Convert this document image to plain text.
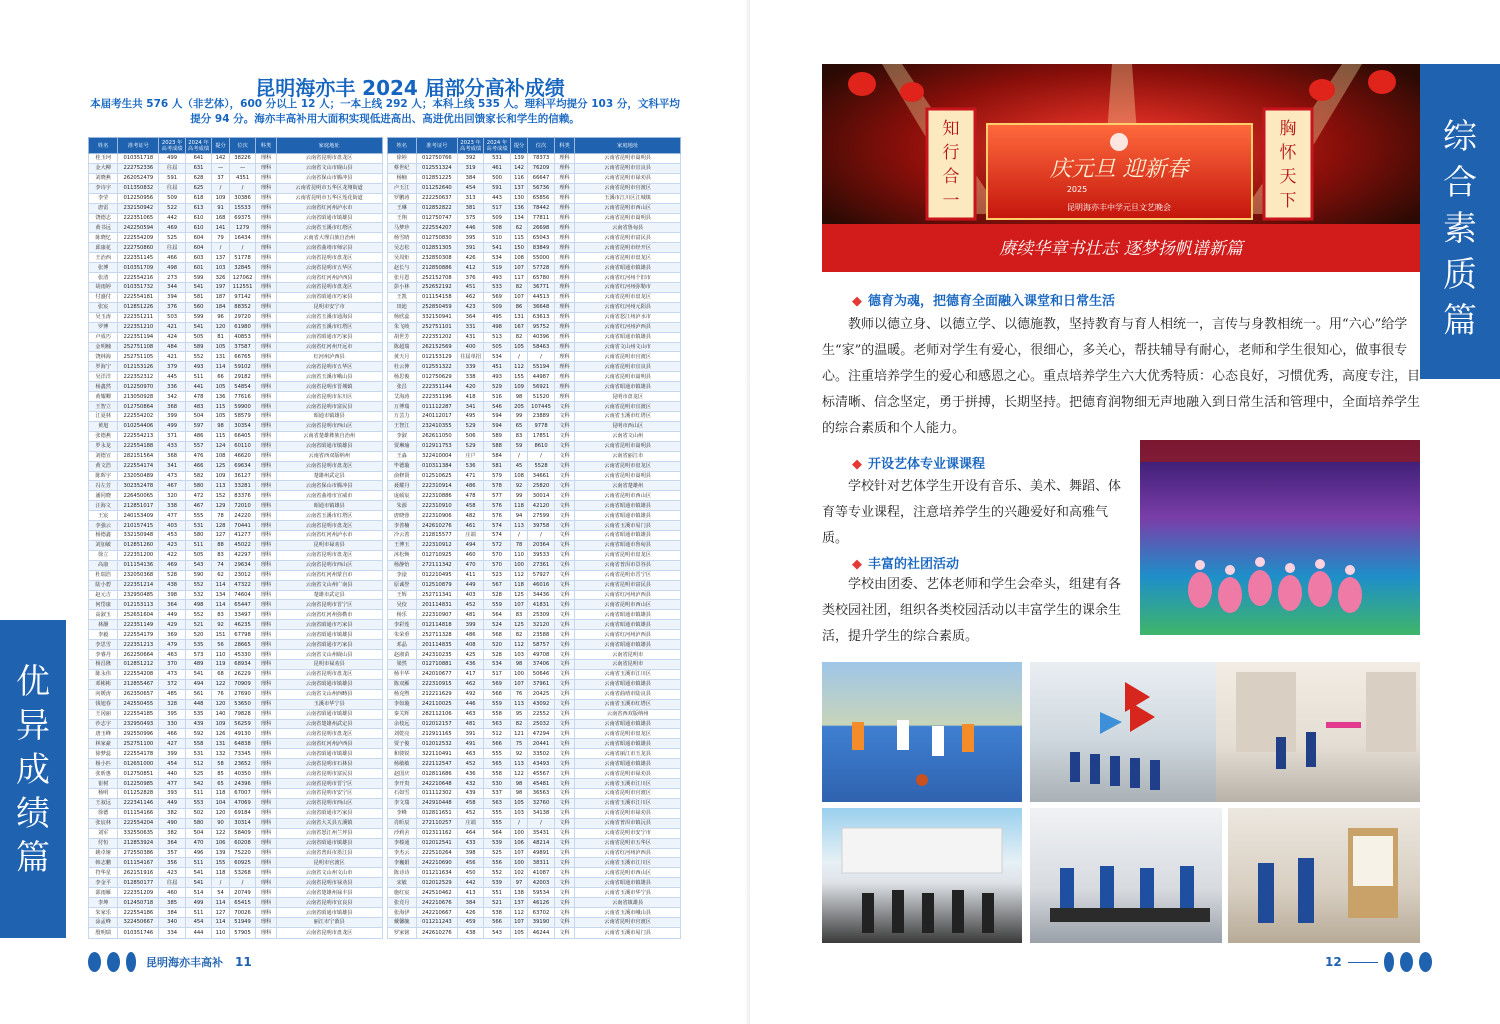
昆明海亦丰 2024 届部分高补成绩
本届考生共 576 人（非艺体），600 分以上 12 人；一本上线 292 人；本科上线 535 人。理科平均提分 103 分，文科平均提分 94 分。海亦丰高补用大面积实现低进高出、高进优出回馈家长和学生的信赖。
姓名	准考证号	2023 年高考成绩	2024 年高考成绩	提分	位次	科类	家庭地址
桂玉珂	010351718	499	641	142	38226	理科	云南省昆明市盘龙区
金大柳	222752336	往届	631	—	—	理科	云南省文山市砚山县
刘晓燕	262052479	591	628	37	4351	理科	云南省保山市腾冲县
李诗宇	011350832	往届	625	/	/	理科	云南省昆明市五华区龙翔街道
李莹	012250956	509	618	109	30386	理科	云南省昆明市五华区莲花街道
唐雷	232150942	522	613	91	15533	理科	云南省红河州泸水市
饶德志	222351065	442	610	168	69375	理科	云南省昭通市镇雄县
黄书远	242250594	469	610	141	1279	理科	云南省玉溪市红塔区
陈晓忆	222554209	525	604	79	16434	理科	云南省大理白族自治州
邱康花	222750860	往届	604	/	/	理科	云南省曲靖市师宗县
王治西	222351145	466	603	137	51778	理科	云南省昆明市盘龙区
张博	010351709	498	601	103	32845	理科	云南省昆明市五华区
张清	222554216	273	599	326	127062	理科	云南省红河州泸西县
胡雨婷	010351732	344	541	197	112551	理科	云南省昆明市盘龙区
付盛付	222554181	394	581	187	97142	理科	云南省昭通市巧家县
张宸	012851226	376	560	184	88352	理科	昆明市安宁市
吴玉涛	222351211	503	599	96	29720	理科	云南省玉溪市通海县
罗博	222351210	421	541	120	61980	理科	云南省玉溪市红塔区
卢成巧	222351194	424	505	81	40853	理科	云南省昭通市巧家县
金明楠	252751108	484	589	105	37587	理科	云南省红河州开远市
饶林海	252751105	421	552	131	66765	理科	红河州泸西县
罗海宁	012153126	379	493	114	59102	理科	云南省昆明市五华区
吴洋洋	222352312	445	511	66	29182	理科	云南省玉溪市峨山县
杨鑫然	012250970	336	441	105	54854	理科	云南省昆明市晋城镇
黄耀卿	213050928	342	478	136	77616	理科	云南省昆明市东川区
王智立	012750864	368	483	115	59900	理科	云南省昆明市富民县
江夏林	222554202	399	504	105	58579	理科	昭通市镇雄县
黄旭	010254406	499	597	98	30354	理科	云南省昆明市西山区
张德燕	222554213	371	486	115	66405	理科	云南省楚雄彝族自治州
罗永龙	222554188	433	557	124	60110	理科	云南省昭通市镇雄县
刘德宣	282151564	368	476	108	46620	理科	云南省西双版纳州
黄文浩	222554174	341	466	125	69634	理科	云南省昆明市盘龙区
陈晖宇	232050489	473	582	109	36127	理科	楚雄州武定县
冯左芳	302352478	467	580	113	33281	理科	云南省保山市腾冲县
潘同晓	226450065	320	472	152	83376	理科	云南省曲靖市宣威市
汪海文	212851017	338	467	129	72010	理科	昭通市镇雄县
王宸	240153409	477	555	78	24220	理科	云南省玉溪市红塔区
李强云	210157415	403	531	128	70441	理科	云南省昆明市盘龙区
杨德鑫	332150948	453	580	127	41277	理科	云南省红河州泸水市
刘加敏	012851260	423	511	88	45022	理科	昆明市禄劝县
徐立	222351200	422	505	83	42297	理科	云南省昆明市盘龙区
高康	011154136	469	543	74	29634	理科	云南省昆明市西山区
杜瑞浩	232050368	528	590	62	23012	理科	云南省红河州蒙自市
陆小碧	222351214	438	552	114	47322	理科	云南省文山州广南县
赵元吉	232950485	398	532	134	74604	理科	楚雄市武定县
何岱康	012153113	364	498	114	65447	理科	云南省昆明市晋宁区
高淑玉	252651604	449	552	83	33497	理科	云南省红河州弥勒市
林灏	222351149	429	521	92	46235	理科	云南省昭通市巧家县
李毅	222554179	369	520	151	67798	理科	云南省昭通市镇雄县
李思雪	222351213	479	535	56	28665	理科	云南省昭通市巧家县
李睿丹	262250664	463	573	110	45330	理科	云南省文山州砚山县
杨昌隆	012851212	370	489	119	68934	理科	昆明市禄劝县
陈永伟	222554208	473	541	68	26229	理科	云南省昆明市盘龙区
邓彬彬	212855467	372	494	122	70909	理科	云南省昭通市镇雄县
向媛涛	262350657	485	561	76	27690	理科	云南省文山州西畴县
钱旭春	242550455	328	448	120	53650	理科	玉溪市华宁县
王冈丽	222554185	395	535	140	79828	理科	云南省昭通市镇雄县
沙志宇	232950493	330	439	109	56259	理科	云南省楚雄州武定县
唐玉峰	292550996	466	592	126	49130	理科	云南省昆明市盘龙区
林家豪	252751100	427	558	131	64838	理科	云南省红河州泸西县
徐梦蕊	222554178	399	531	132	73345	理科	云南省昭通市镇雄县
杨小匹	012651000	454	512	58	23652	理科	云南省昆明市石林县
张昕惠	012750851	440	525	85	40350	理科	云南省昆明市富民县
崔树	012250985	477	542	65	24396	理科	云南省昆明市晋宁区
杨明	011252828	393	511	118	67007	理科	云南省昆明市安宁区
王叙远	222341146	449	553	104	47069	理科	云南省昆明市西山区
徐德	011154166	382	502	120	69184	理科	云南省昭通市巧家县
张宸林	222554204	490	580	90	30314	理科	云南省大关县五溪镇
刘军	332550635	382	504	122	58409	理科	云南省怒江州兰坪县
付恒	212853924	364	470	106	60208	理科	云南省昭通市镇雄县
姚卓娅	272550386	357	496	139	75220	理科	云南省普洱市墨江县
韩志鹏	011154167	356	511	155	60925	理科	昆明市官渡区
符华星	262151916	423	541	118	53268	理科	云南省文山州文山市
李金平	012850177	往届	541	/	/	理科	云南省昆明市禄劝县
邵雨雁	222351209	460	514	54	20749	理科	云南省楚雄州禄丰县
李坤	012450718	385	499	114	65415	理科	云南省昆明市宜良县
朱家乐	222554186	384	511	127	70026	理科	云南省昭通市镇雄县
涂孟峰	322450667	340	454	114	51949	理科	丽江市宁蒗县
殷明瑞	010351746	334	444	110	57905	理科	云南省昆明市盘龙区
姓名	准考证号	2023 年高考成绩	2024 年高考成绩	提分	位次	科类	家庭地址
徐婷	012750766	392	531	139	78373	理科	云南省昆明市嵩明县
蔡世纪	012551324	319	461	142	76209	理科	云南省昆明市宜良县
杨楠	012851225	384	500	116	66647	理科	云南省昆明市禄劝县
卢玉江	011252640	454	591	137	56736	理科	云南省昆明市官渡区
罗鹏涛	222250637	313	443	130	65856	理科	玉溪市江川区江城镇
王琳	012852822	381	517	136	78442	理科	云南省昆明市西山区
王翔	012750747	375	509	134	77811	理科	云南省昆明市嵩明县
马梦珍	222554207	446	508	62	26698	理科	云南省鲁甸县
杨雪晴	012750830	395	510	115	65043	理科	云南省昆明市富民县
吴志松	012851305	391	541	150	83849	理科	云南省昆明市经开区
吴周炬	232850308	426	534	108	55000	理科	云南省昆明市盘龙区
赵长与	212850886	412	519	107	57728	理科	云南省昭通市镇雄县
张月恩	252152708	376	493	117	65780	理科	云南省红河州个旧市
彭小林	252652192	451	533	82	36771	理科	云南省红河州弥勒市
王凯	011154158	462	569	107	44513	理科	云南省昆明市盘龙区
田迪	252850459	423	509	86	36648	理科	云南省红河州元阳县
杨欣蕊	332150941	364	495	131	63613	理科	云南省怒江州泸水市
朱飞岐	252751101	331	498	167	95752	理科	云南省红河州泸西县
胡世芳	222351202	431	513	82	40396	理科	云南省昭通市镇雄县
陈超瑞	262152569	400	505	105	58463	理科	云南省文山州文山市
黄天月	012153129	往届单招	534	/	/	理科	云南省昆明市官渡区
杜云伸	012551322	339	451	112	55194	理科	云南省昆明市宜良县
杨思俊	012750629	338	493	155	44987	理科	云南省昆明市嵩明县
张昌	222351144	420	529	109	56921	理科	云南省昭通市镇雄县
艾海涛	222351196	418	516	98	51520	理科	昆明市盘龙区
万博瑞	011112287	341	546	205	107445	文科	云南省昆明市宜渡区
万芸力	240112017	495	594	99	23889	文科	云南省玉溪市红塔区
王智江	232410355	529	594	65	9778	文科	昆明市西山区
李淑	262611050	506	589	83	17851	文科	云南省文山州
贾琳瑜	012911753	529	588	59	8610	文科	云南省昆明市嵩明县
王淼	322410004	庄户	584	/	/	文科	云南省丽江市
毕德璇	010311384	536	581	45	5528	文科	云南省昆明市盘龙区
俞修贤	012510625	471	579	108	34661	文科	云南省昆明市嵩明县
聂耀丹	222310914	486	578	92	25820	文科	云南省楚雄州
庞硕宸	222310886	478	577	99	30014	文科	云南省昆明市西山区
朱源	222310910	458	576	118	42120	文科	云南省昭通市镇雄县
唐晓蓉	222310906	482	576	94	27599	文科	云南省昭通市镇雄县
李善楠	242610276	461	574	113	39758	文科	云南省玉溪市易门县
冷云善	212815577	庄端	574	/	/	文科	云南省昭通市镇雄县
王博玉	222310912	494	572	78	20364	文科	云南省昭通市鲁甸县
沐松焕	012710925	460	570	110	39533	文科	云南省昆明市盘龙区
杨静怡	272111342	470	570	100	27361	文科	云南省普洱市景谷县
李淦	012210495	411	523	112	57927	文科	云南省昆明市晋宁区
原诚誉	012510879	449	567	118	46016	文科	云南省昆明市富民县
王辉	252711341	403	528	125	34436	文科	云南省红河州泸西县
吴佼	201114831	452	559	107	41831	文科	云南省昆明市西山区
杨乐	222310907	481	564	83	25309	文科	云南省昭通市镇雄县
李彩莲	012114818	399	524	125	32120	文科	云南省昭通市镇雄县
朱荣垂	252711328	486	568	82	23588	文科	云南省红河州泸西县
邓晶	201114835	408	520	112	58757	文科	云南省昭通市镇雄县
赵淑苗	242310235	425	528	103	49708	文科	云南省昆明市
梁然	012710881	436	534	98	37406	文科	云南省昆明市
杨丰华	242010677	417	517	100	50646	文科	云南省玉溪市江川区
陈双雁	222310915	462	569	107	37961	文科	云南省昭通市镇雄县
杨克煦	212211629	492	568	76	20425	文科	云南省曲靖市陆良县
李如璇	242110025	446	559	113	43092	文科	云南省玉溪市红塔区
秦关辉	282112106	463	558	95	22552	文科	云南省西双版纳州
余枝远	012012157	481	563	82	25032	文科	云南省昭通市镇雄县
刘乾亮	212911165	391	512	121	47294	文科	云南省昆明市盘龙区
贾子俊	012012532	491	566	75	20441	文科	云南省昭通市镇雄县
和骏锐	322110491	463	555	92	33502	文科	云南省丽江市玉龙县
杨敏敏	222112547	452	565	113	43493	文科	云南省昭通市镇雄县
赵国庆	012811686	436	558	122	45567	文科	云南省昆明市禄劝县
李开贵	242210648	432	530	98	45481	文科	云南省玉溪市江川区
石如雪	011112302	439	537	98	36563	文科	云南省昆明市官渡区
李文瑞	242910448	458	563	105	32760	文科	云南省玉溪市江川区
李峰	012811651	452	555	103	34138	文科	云南省昆明市禄劝县
肖昕辰	272110257	庄端	555	/	/	文科	云南省普洱市镇沅县
沙莉舍	012311162	464	564	100	35431	文科	云南省昆明市安宁市
李榛通	012012541	433	539	106	48214	文科	云南省昆明市五华区
李杰云	222510264	398	525	107	49891	文科	云南省红河州泸西县
李巍娟	242210690	456	556	100	38311	文科	云南省玉溪市江川区
陈诗诗	011211634	450	552	102	41087	文科	云南省昆明市西山区
宋敏	012012529	442	539	97	42003	文科	云南省昭通市镇雄县
施红宸	242510462	413	551	138	59534	文科	云南省玉溪市华宁县
张竞月	242210676	384	521	137	46126	文科	云南省镇雄县
张海伊	242210667	426	538	112	63702	文科	云南省玉溪市峨山县
戴馨毓	011211243	459	566	107	39190	文科	云南省昆明市官渡区
罗家铭	242610276	438	543	105	46244	文科	云南省玉溪市易门县
优
异
成
绩
篇
昆明海亦丰高补 11
知行合一
胸怀天下
庆元旦 迎新春
2025
昆明海亦丰中学元旦文艺晚会
赓续华章书壮志 逐梦扬帆谱新篇
综
合
素
质
篇
◆ 德育为魂，把德育全面融入课堂和日常生活
教师以德立身、以德立学、以德施教，坚持教育与育人相统一，言传与身教相统一。用“六心”给学生“家”的温暖。老师对学生有爱心，很细心，多关心，帮扶辅导有耐心，老师和学生很知心，做事很专心。注重培养学生的爱心和感恩之心。重点培养学生六大优秀特质：心态良好，习惯优秀，高度专注，目标清晰、信念坚定，勇于拼搏，长期坚持。把德育润物细无声地融入到日常生活和管理中，全面培养学生的综合素质和个人能力。
◆ 开设艺体专业课课程
学校针对艺体学生开设有音乐、美术、舞蹈、体育等专业课程，注意培养学生的兴趣爱好和高雅气质。
◆ 丰富的社团活动
学校由团委、艺体老师和学生会牵头，组建有各类校园社团，组织各类校园活动以丰富学生的课余生活，提升学生的综合素质。
12
